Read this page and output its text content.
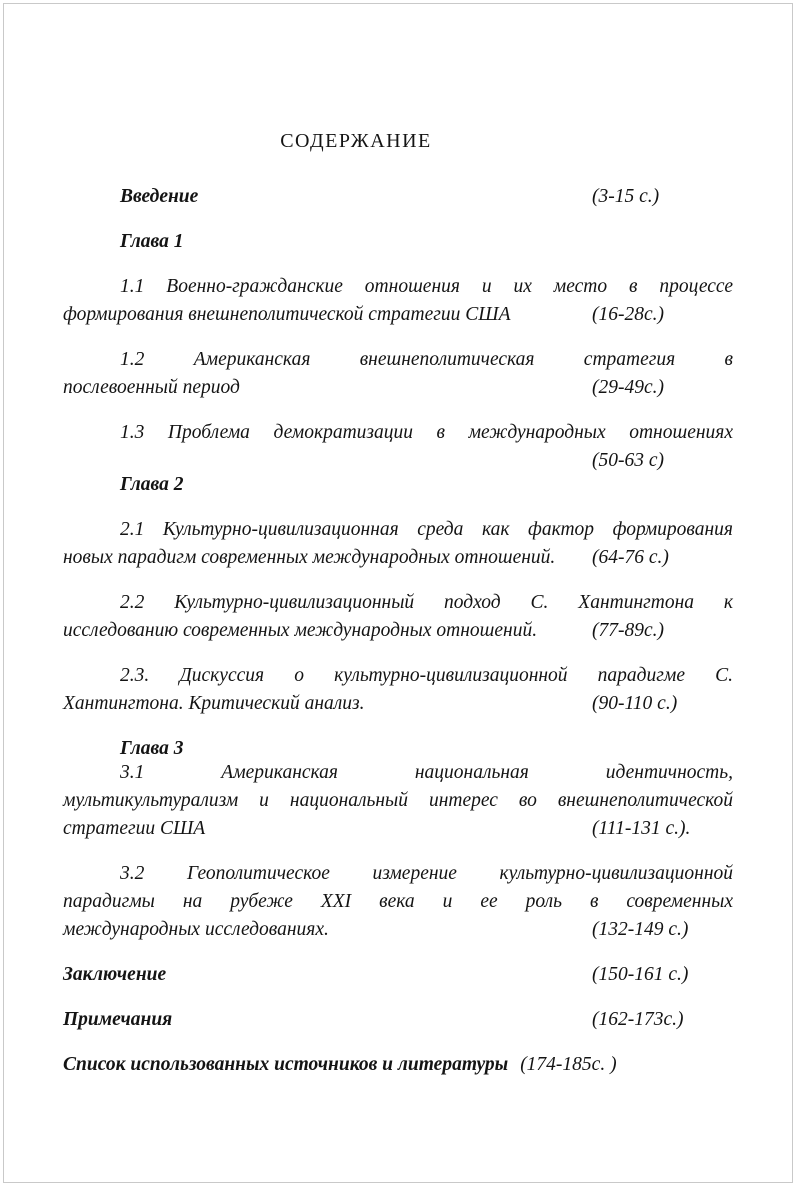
СОДЕРЖАНИЕ
Введение	(3-15 с.)
Глава 1
1.1 Военно-гражданские отношения и их место в процессе
формирования внешнеполитической стратегии США	(16-28с.)
1.2 Американская внешнеполитическая стратегия в
послевоенный период	(29-49с.)
1.3 Проблема демократизации в международных отношениях
(50-63 с)
Глава 2
2.1 Культурно-цивилизационная среда как фактор формирования
новых парадигм современных международных отношений. (64-76 с.)
2.2 Культурно-цивилизационный подход С. Хантингтона к
исследованию современных международных отношений.	(77-89с.)
2.3. Дискуссия о культурно-цивилизационной парадигме С.
Хантингтона. Критический анализ.	(90-110 с.)
Глава 3
3.1 Американская национальная идентичность,
мультикультурализм и национальный интерес во внешнеполитической
стратегии США	(111-131 с.).
3.2 Геополитическое измерение культурно-цивилизационной
парадигмы на рубеже XXI века и ее роль в современных
международных исследованиях.	(132-149 с.)
Заключение	(150-161 с.)
Примечания	(162-173с.)
Список использованных источников и литературы (174-185с. )
